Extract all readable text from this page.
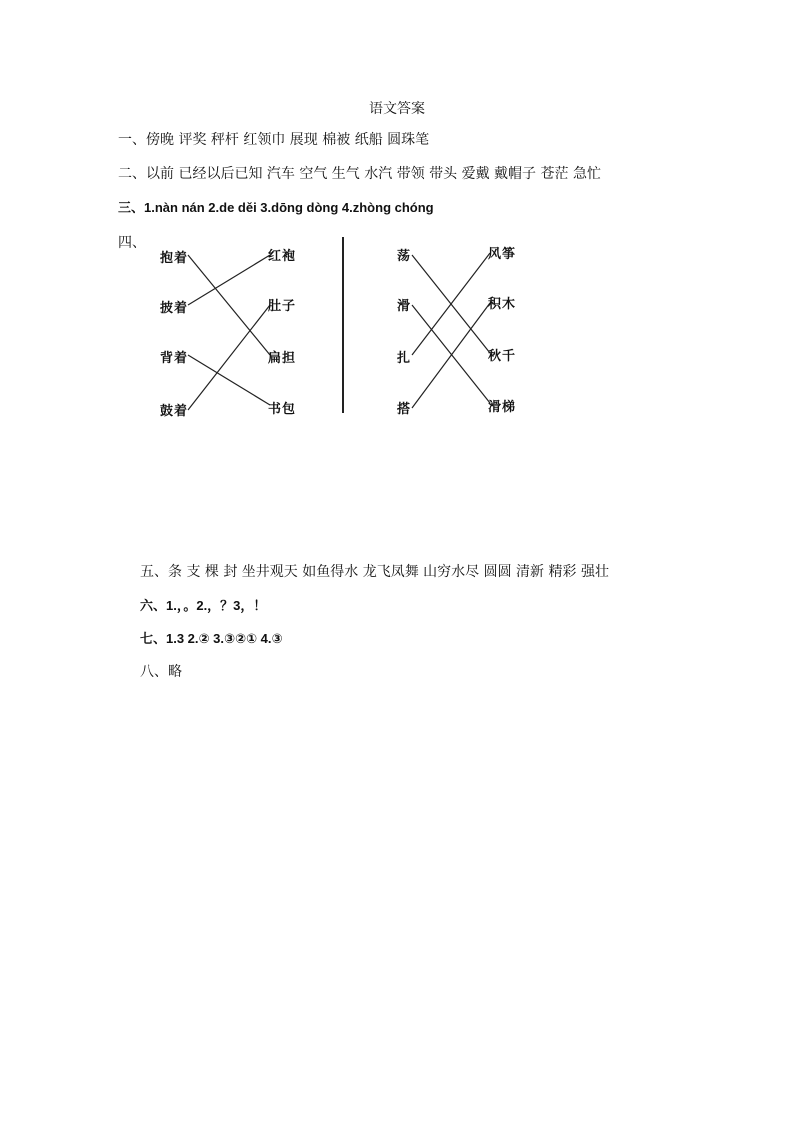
语文答案
一、傍晚 评奖 秤杆 红领巾 展现 棉被 纸船 圆珠笔
二、以前 已经以后已知 汽车 空气 生气 水汽 带领 带头 爱戴 戴帽子 苍茫 急忙
三、1.nàn nán 2.de děi 3.dōng dòng 4.zhòng chóng
四、
抱着
披着
背着
鼓着
红袍
肚子
扁担
书包
荡
滑
扎
搭
风筝
积木
秋千
滑梯
五、条 支 棵 封 坐井观天 如鱼得水 龙飞凤舞 山穷水尽 圆圆 清新 精彩 强壮
六、1.，。2.，？3，！
七、1.3 2.② 3.③②① 4.③
八、略
